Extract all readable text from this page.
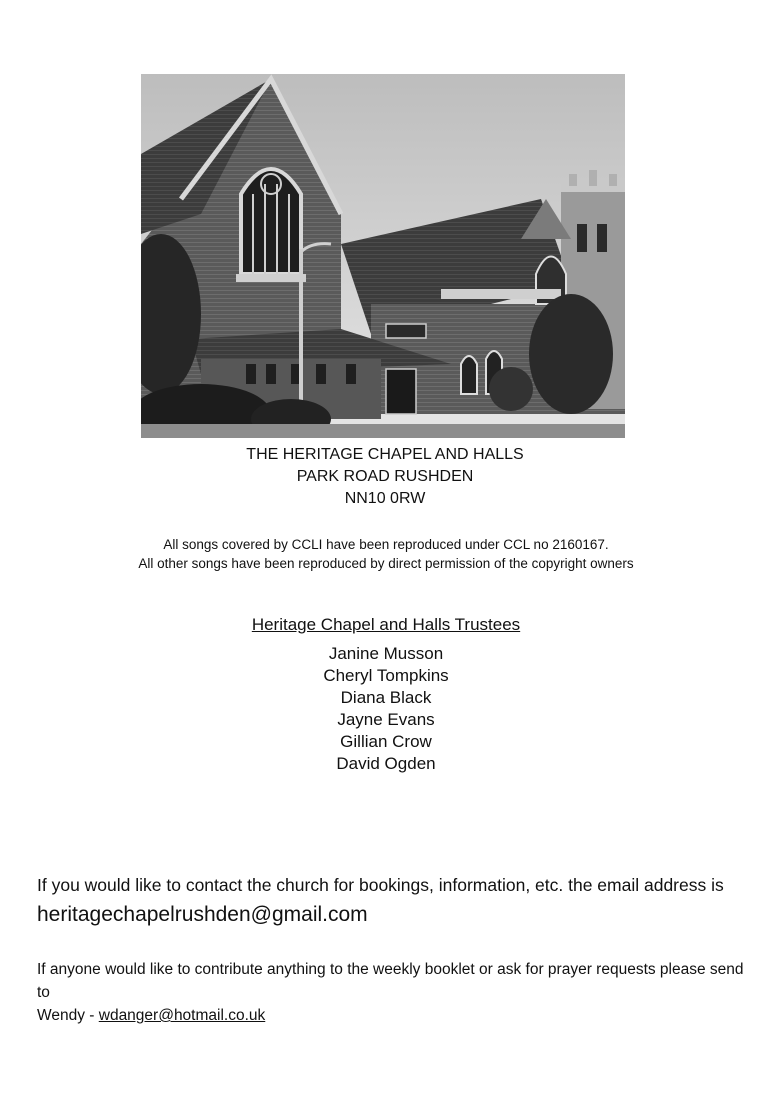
THE HERITAGE CHAPEL AND HALLS
PARK ROAD RUSHDEN
NN10 0RW
All songs covered by CCLI have been reproduced under CCL no 2160167.
All other songs have been reproduced by direct permission of the copyright owners
Heritage Chapel and Halls Trustees
Janine Musson
Cheryl Tompkins
Diana Black
Jayne Evans
Gillian Crow
David Ogden
If you would like to contact the church for bookings, information, etc. the email address is heritagechapelrushden@gmail.com
If anyone would like to contribute anything to the weekly booklet or ask for prayer requests please send to
Wendy - wdanger@hotmail.co.uk
